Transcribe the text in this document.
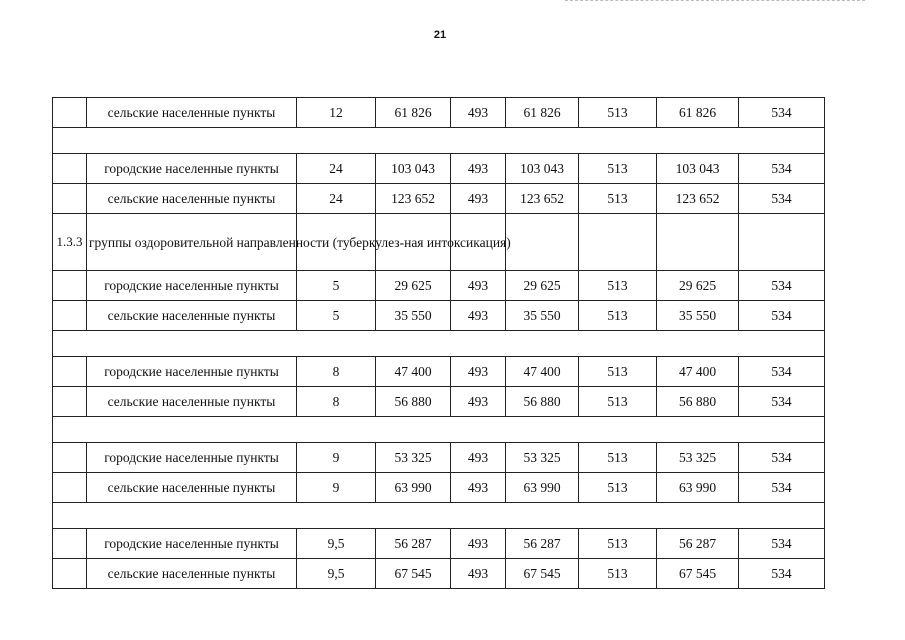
21
	сельские населенные пункты	12	61 826	493	61 826	513	61 826	534

	городские населенные пункты	24	103 043	493	103 043	513	103 043	534
	сельские населенные пункты	24	123 652	493	123 652	513	123 652	534
1.3.3	группы оздоровительной направленности (туберкулез-ная интоксикация)							
	городские населенные пункты	5	29 625	493	29 625	513	29 625	534
	сельские населенные пункты	5	35 550	493	35 550	513	35 550	534

	городские населенные пункты	8	47 400	493	47 400	513	47 400	534
	сельские населенные пункты	8	56 880	493	56 880	513	56 880	534

	городские населенные пункты	9	53 325	493	53 325	513	53 325	534
	сельские населенные пункты	9	63 990	493	63 990	513	63 990	534

	городские населенные пункты	9,5	56 287	493	56 287	513	56 287	534
	сельские населенные пункты	9,5	67 545	493	67 545	513	67 545	534
